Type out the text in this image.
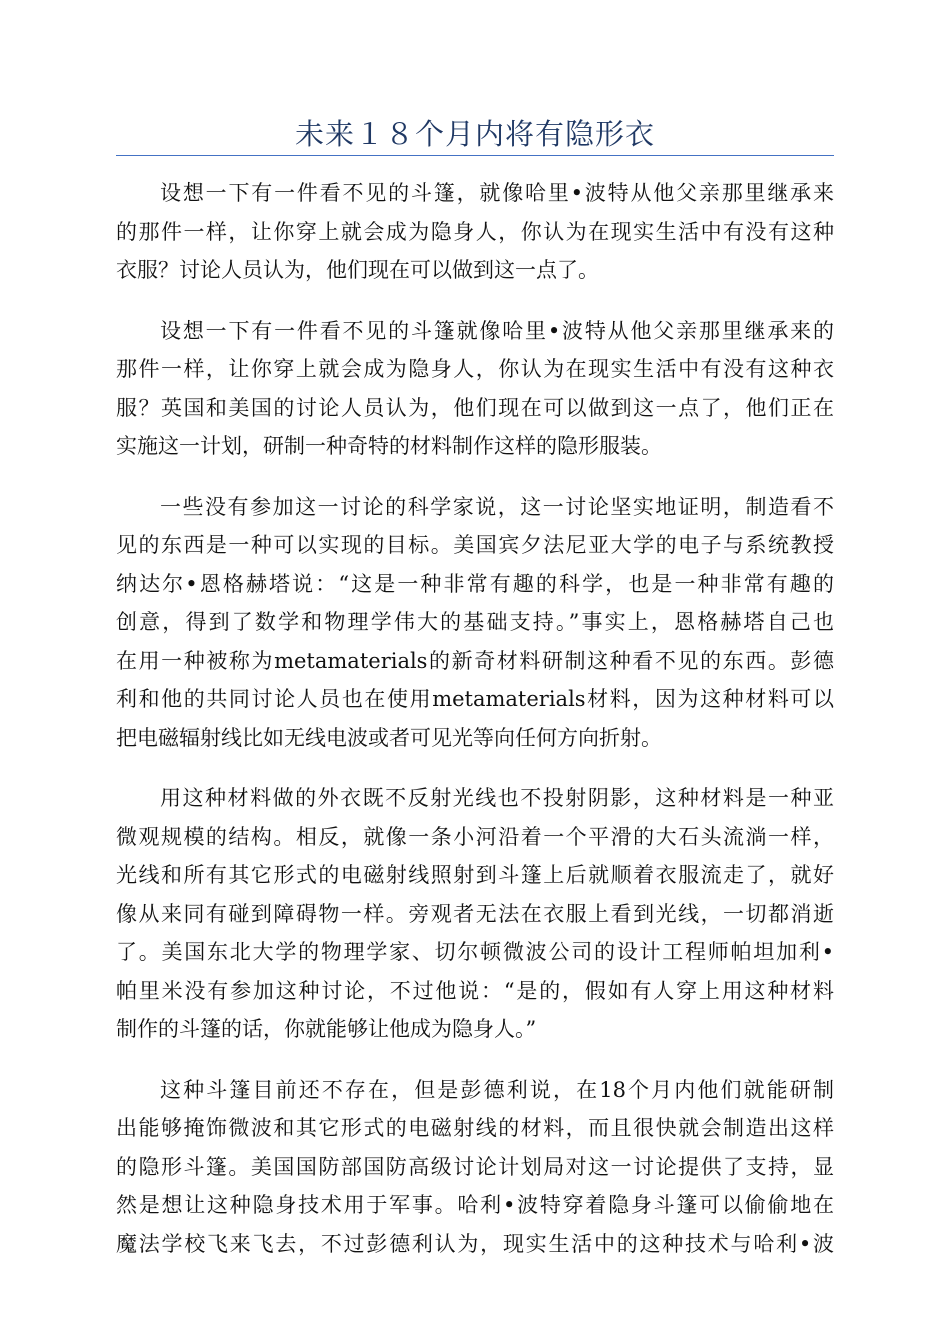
未来１８个月内将有隐形衣
设想一下有一件看不见的斗篷，就像哈里•波特从他父亲那里继承来
的那件一样，让你穿上就会成为隐身人，你认为在现实生活中有没有这种
衣服？讨论人员认为，他们现在可以做到这一点了。
设想一下有一件看不见的斗篷就像哈里•波特从他父亲那里继承来的
那件一样，让你穿上就会成为隐身人，你认为在现实生活中有没有这种衣
服？英国和美国的讨论人员认为，他们现在可以做到这一点了，他们正在
实施这一计划，研制一种奇特的材料制作这样的隐形服装。
一些没有参加这一讨论的科学家说，这一讨论坚实地证明，制造看不
见的东西是一种可以实现的目标。美国宾夕法尼亚大学的电子与系统教授
纳达尔•恩格赫塔说：“这是一种非常有趣的科学，也是一种非常有趣的
创意，得到了数学和物理学伟大的基础支持。”事实上，恩格赫塔自己也
在用一种被称为metamaterials的新奇材料研制这种看不见的东西。彭德
利和他的共同讨论人员也在使用metamaterials材料，因为这种材料可以
把电磁辐射线比如无线电波或者可见光等向任何方向折射。
用这种材料做的外衣既不反射光线也不投射阴影，这种材料是一种亚
微观规模的结构。相反，就像一条小河沿着一个平滑的大石头流淌一样，
光线和所有其它形式的电磁射线照射到斗篷上后就顺着衣服流走了，就好
像从来同有碰到障碍物一样。旁观者无法在衣服上看到光线，一切都消逝
了。美国东北大学的物理学家、切尔顿微波公司的设计工程师帕坦加利•
帕里米没有参加这种讨论，不过他说：“是的，假如有人穿上用这种材料
制作的斗篷的话，你就能够让他成为隐身人。”
这种斗篷目前还不存在，但是彭德利说，在18个月内他们就能研制
出能够掩饰微波和其它形式的电磁射线的材料，而且很快就会制造出这样
的隐形斗篷。美国国防部国防高级讨论计划局对这一讨论提供了支持，显
然是想让这种隐身技术用于军事。哈利•波特穿着隐身斗篷可以偷偷地在
魔法学校飞来飞去，不过彭德利认为，现实生活中的这种技术与哈利•波
